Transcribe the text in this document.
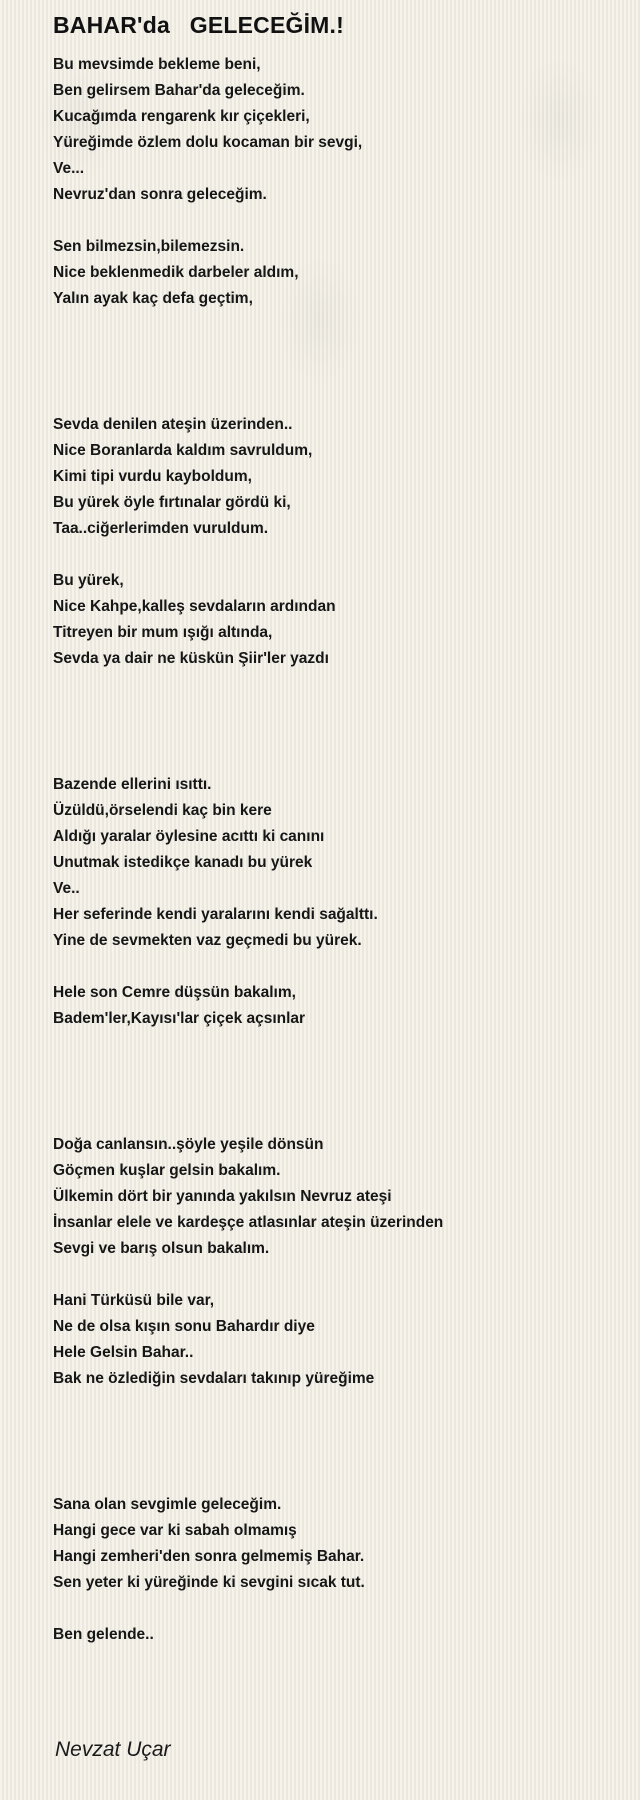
BAHAR'da   GELECEĞİM.!
Bu mevsimde bekleme beni,
Ben gelirsem Bahar'da geleceğim.
Kucağımda rengarenk kır çiçekleri,
Yüreğimde özlem dolu kocaman bir sevgi,
Ve...
Nevruz'dan sonra geleceğim.
Sen bilmezsin,bilemezsin.
Nice beklenmedik darbeler aldım,
Yalın ayak kaç defa geçtim,
Sevda denilen ateşin üzerinden..
Nice Boranlarda kaldım savruldum,
Kimi tipi vurdu kayboldum,
Bu yürek öyle fırtınalar gördü ki,
Taa..ciğerlerimden vuruldum.
Bu yürek,
Nice Kahpe,kalleş sevdaların ardından
Titreyen bir mum ışığı altında,
Sevda ya dair ne küskün Şiir'ler yazdı
Bazende ellerini ısıttı.
Üzüldü,örselendi kaç bin kere
Aldığı yaralar öylesine acıttı ki canını
Unutmak istedikçe kanadı bu yürek
Ve..
Her seferinde kendi yaralarını kendi sağalttı.
Yine de sevmekten vaz geçmedi bu yürek.
Hele son Cemre düşsün bakalım,
Badem'ler,Kayısı'lar çiçek açsınlar
Doğa canlansın..şöyle yeşile dönsün
Göçmen kuşlar gelsin bakalım.
Ülkemin dört bir yanında yakılsın Nevruz ateşi
İnsanlar elele ve kardeşçe atlasınlar ateşin üzerinden
Sevgi ve barış olsun bakalım.
Hani Türküsü bile var,
Ne de olsa kışın sonu Bahardır diye
Hele Gelsin Bahar..
Bak ne özlediğin sevdaları takınıp yüreğime
Sana olan sevgimle geleceğim.
Hangi gece var ki sabah olmamış
Hangi zemheri'den sonra gelmemiş Bahar.
Sen yeter ki yüreğinde ki sevgini sıcak tut.
Ben gelende..
Nevzat Uçar
